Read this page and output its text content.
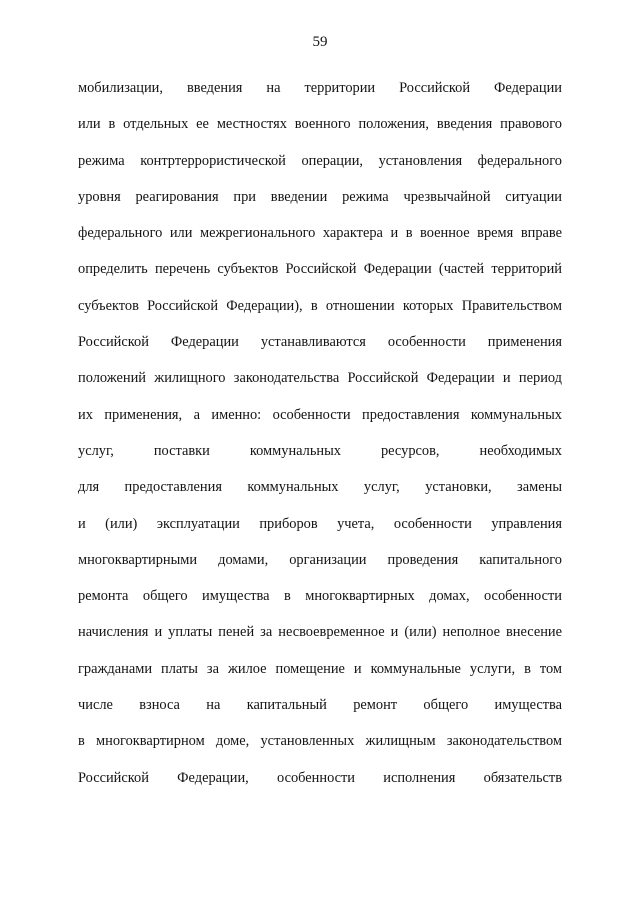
59
мобилизации, введения на территории Российской Федерации
или в отдельных ее местностях военного положения, введения правового
режима контртеррористической операции, установления федерального
уровня реагирования при введении режима чрезвычайной ситуации
федерального или межрегионального характера и в военное время вправе
определить перечень субъектов Российской Федерации (частей территорий
субъектов Российской Федерации), в отношении которых Правительством
Российской Федерации устанавливаются особенности применения
положений жилищного законодательства Российской Федерации и период
их применения, а именно: особенности предоставления коммунальных
услуг, поставки коммунальных ресурсов, необходимых
для предоставления коммунальных услуг, установки, замены
и (или) эксплуатации приборов учета, особенности управления
многоквартирными домами, организации проведения капитального
ремонта общего имущества в многоквартирных домах, особенности
начисления и уплаты пеней за несвоевременное и (или) неполное внесение
гражданами платы за жилое помещение и коммунальные услуги, в том
числе взноса на капитальный ремонт общего имущества
в многоквартирном доме, установленных жилищным законодательством
Российской Федерации, особенности исполнения обязательств
